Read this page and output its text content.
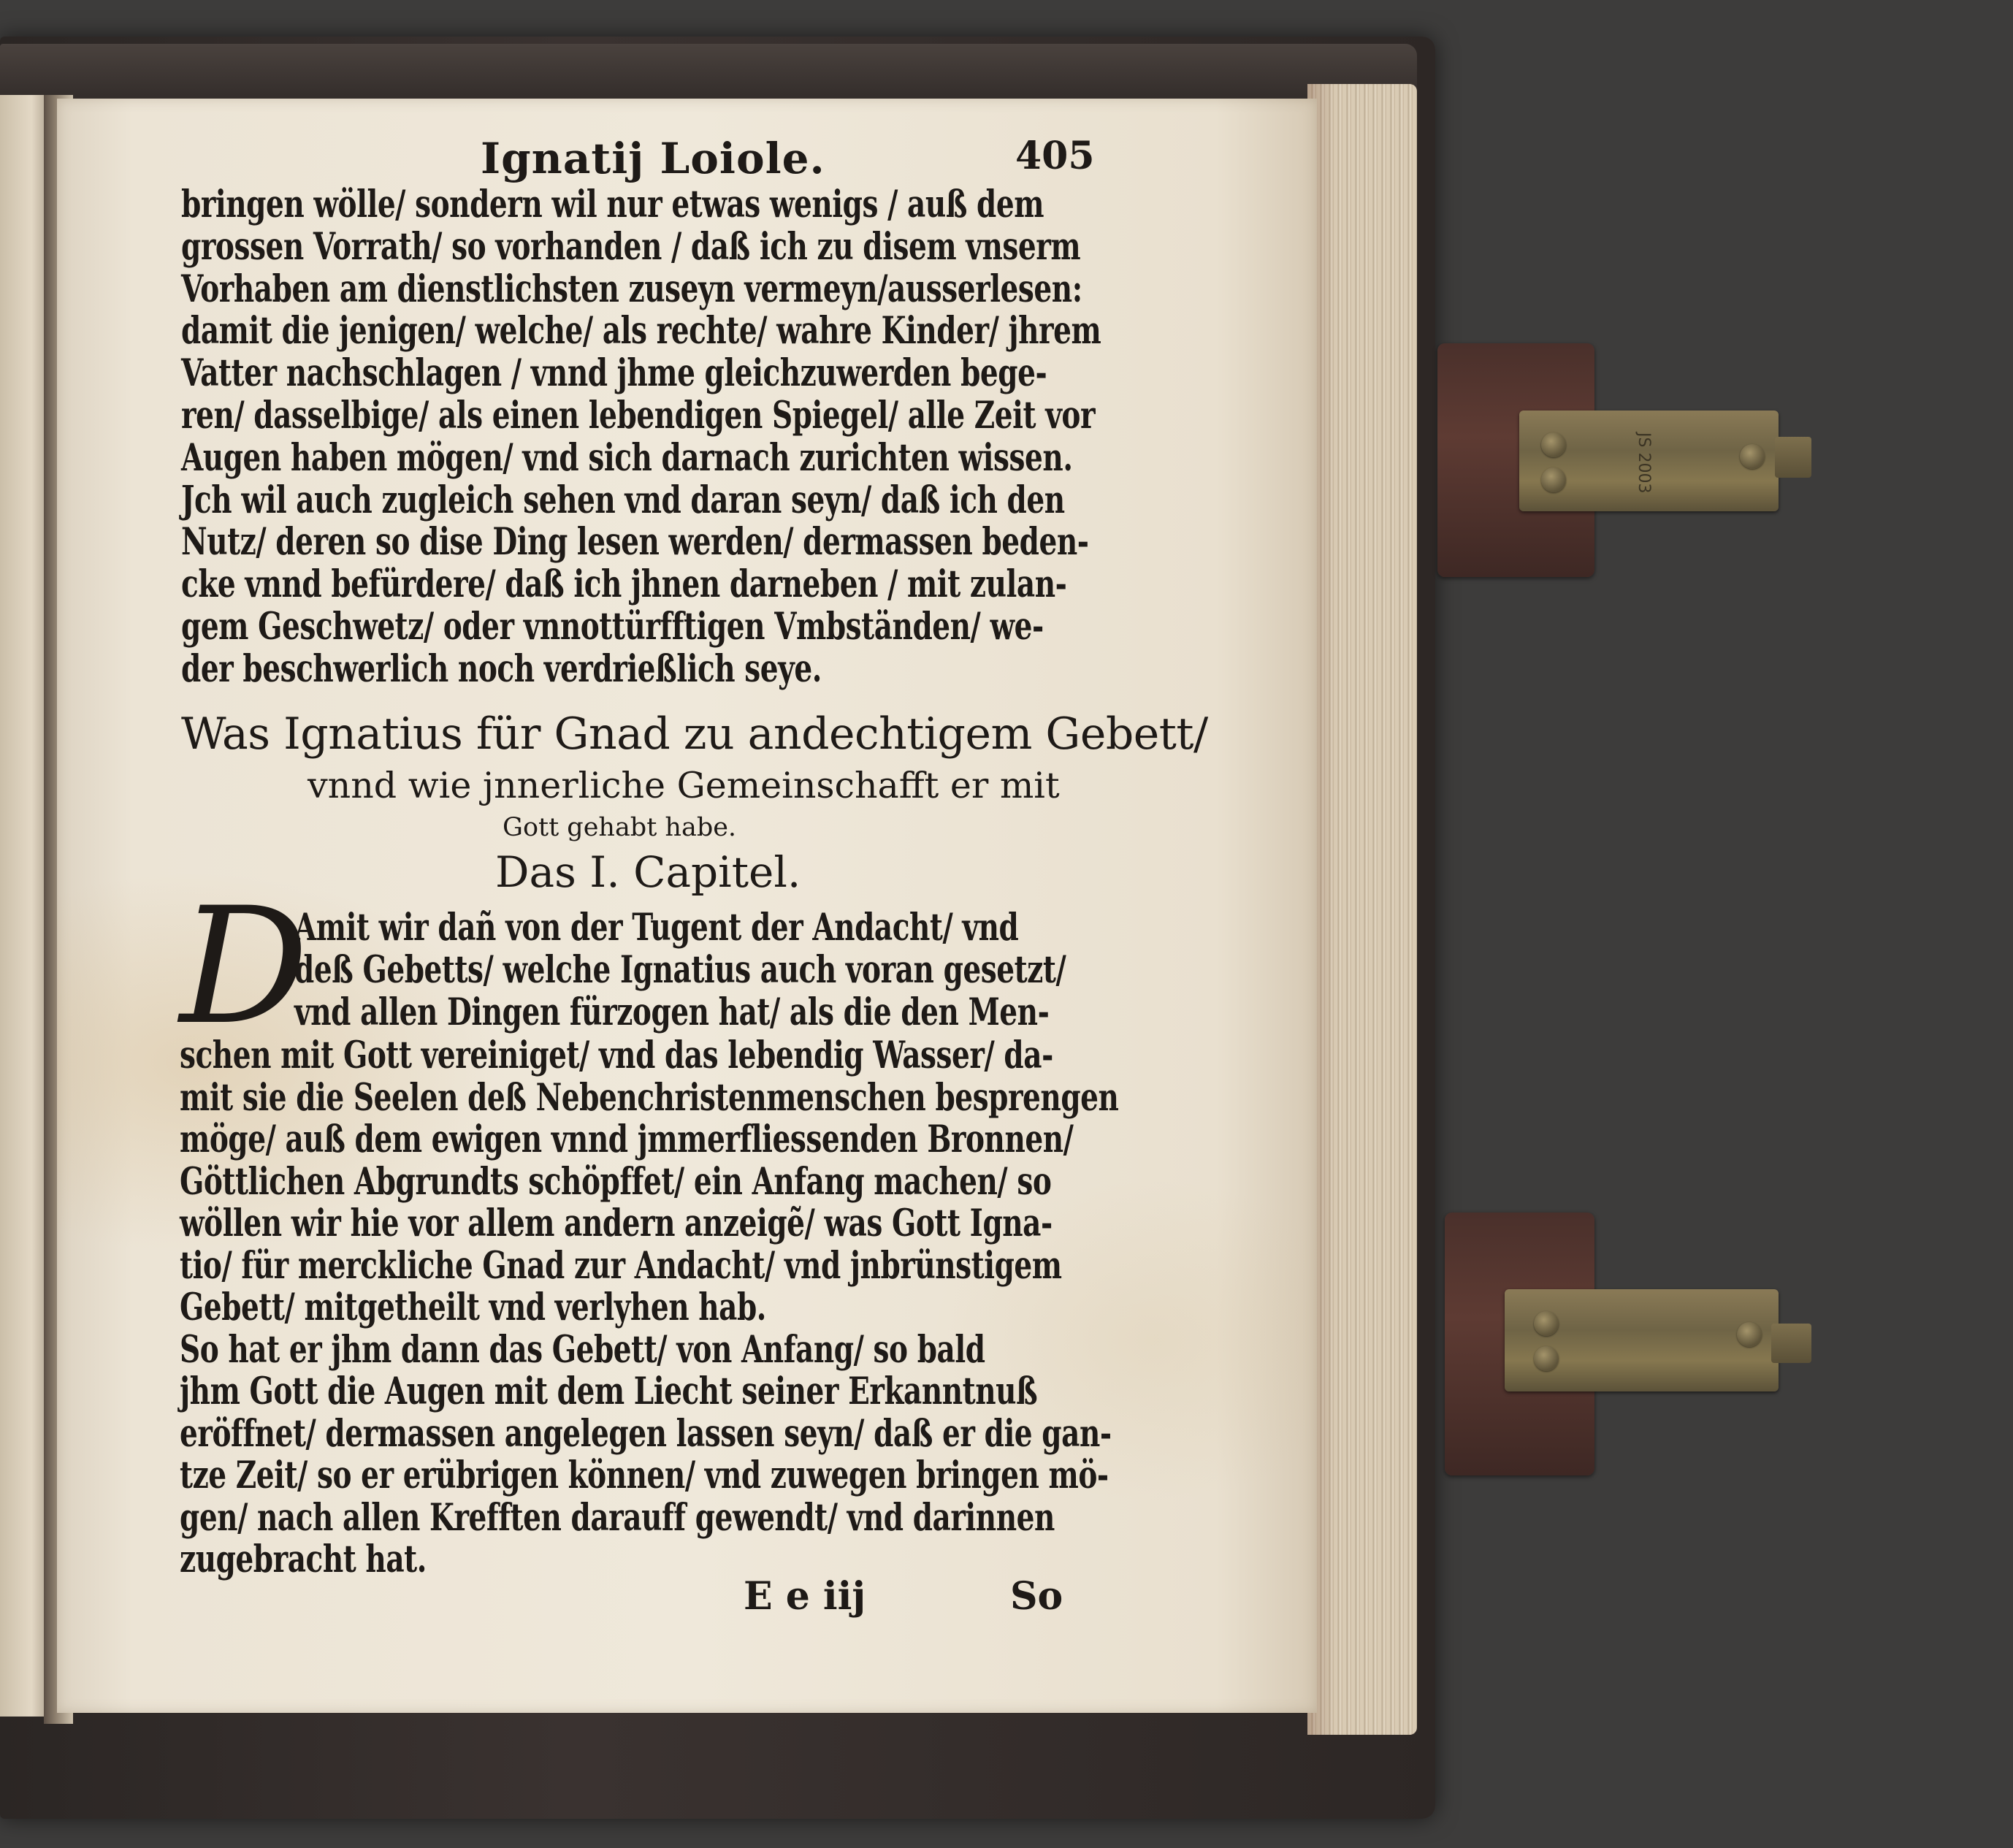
Ignatij Loiole.	405
bringen wölle/ sondern wil nur etwas wenigs / auß dem
grossen Vorrath/ so vorhanden / daß ich zu disem vnserm
Vorhaben am dienstlichsten zuseyn vermeyn/ausserlesen:
damit die jenigen/ welche/ als rechte/ wahre Kinder/ jhrem
Vatter nachschlagen / vnnd jhme gleichzuwerden bege-
ren/ dasselbige/ als einen lebendigen Spiegel/ alle Zeit vor
Augen haben mögen/ vnd sich darnach zurichten wissen.
Jch wil auch zugleich sehen vnd daran seyn/ daß ich den
Nutz/ deren so dise Ding lesen werden/ dermassen beden-
cke vnnd befürdere/ daß ich jhnen darneben / mit zulan-
gem Geschwetz/ oder vnnottürfftigen Vmbständen/ we-
der beschwerlich noch verdrießlich seye.
Was Ignatius für Gnad zu andechtigem Gebett/
vnnd wie jnnerliche Gemeinschafft er mit
Gott gehabt habe.
Das I. Capitel.
D
Amit wir dañ von der Tugent der Andacht/ vnd
deß Gebetts/ welche Ignatius auch voran gesetzt/
vnd allen Dingen fürzogen hat/ als die den Men-
schen mit Gott vereiniget/ vnd das lebendig Wasser/ da-
mit sie die Seelen deß Nebenchristenmenschen besprengen
möge/ auß dem ewigen vnnd jmmerfliessenden Bronnen/
Göttlichen Abgrundts schöpffet/ ein Anfang machen/ so
wöllen wir hie vor allem andern anzeigẽ/ was Gott Igna-
tio/ für merckliche Gnad zur Andacht/ vnd jnbrünstigem
Gebett/ mitgetheilt vnd verlyhen hab.
So hat er jhm dann das Gebett/ von Anfang/ so bald
jhm Gott die Augen mit dem Liecht seiner Erkanntnuß
eröffnet/ dermassen angelegen lassen seyn/ daß er die gan-
tze Zeit/ so er erübrigen können/ vnd zuwegen bringen mö-
gen/ nach allen Krefften darauff gewendt/ vnd darinnen
zugebracht hat.
E e iij	So
JS 2003
